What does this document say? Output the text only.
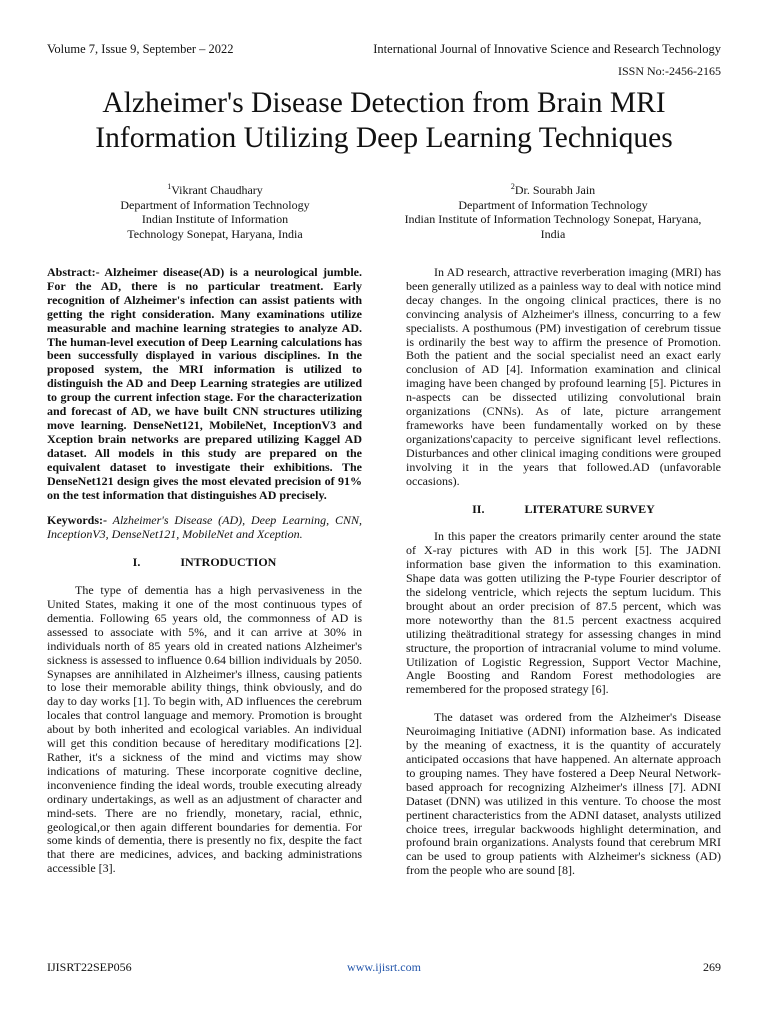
Volume 7, Issue 9, September – 2022	International Journal of Innovative Science and Research Technology
ISSN No:-2456-2165
Alzheimer's Disease Detection from Brain MRI Information Utilizing Deep Learning Techniques
$^1$Vikrant Chaudhary
Department of Information Technology
Indian Institute of Information
Technology Sonepat, Haryana, India
$^2$Dr. Sourabh Jain
Department of Information Technology
Indian Institute of Information Technology Sonepat, Haryana,
India

Abstract:- Alzheimer disease(AD) is a neurological jumble. For the AD, there is no particular treatment. Early recognition of Alzheimer's infection can assist patients with getting the right consideration. Many examinations utilize measurable and machine learning strategies to analyze AD. The human-level execution of Deep Learning calculations has been successfully displayed in various disciplines. In the proposed system, the MRI information is utilized to distinguish the AD and Deep Learning strategies are utilized to group the current infection stage. For the characterization and forecast of AD, we have built CNN structures utilizing move learning. DenseNet121, MobileNet, InceptionV3 and Xception brain networks are prepared utilizing Kaggel AD dataset. All models in this study are prepared on the equivalent dataset to investigate their exhibitions. The DenseNet121 design gives the most elevated precision of 91% on the test information that distinguishes AD precisely.

Keywords:- Alzheimer's Disease (AD), Deep Learning, CNN, InceptionV3, DenseNet121, MobileNet and Xception.

I.	INTRODUCTION

The type of dementia has a high pervasiveness in the United States, making it one of the most continuous types of dementia. Following 65 years old, the commonness of AD is assessed to associate with 5%, and it can arrive at 30% in individuals north of 85 years old in created nations Alzheimer's sickness is assessed to influence 0.64 billion individuals by 2050. Synapses are annihilated in Alzheimer's illness, causing patients to lose their memorable ability things, think obviously, and do day to day works [1]. To begin with, AD influences the cerebrum locales that control language and memory. Promotion is brought about by both inherited and ecological variables. An individual will get this condition because of hereditary modifications [2]. Rather, it's a sickness of the mind and victims may show indications of maturing. These incorporate cognitive decline, inconvenience finding the ideal words, trouble executing already ordinary undertakings, as well as an adjustment of character and mind-sets. There are no friendly, monetary, racial, ethnic, geological,or then again different boundaries for dementia. For some kinds of dementia, there is presently no fix, despite the fact that there are medicines, advices, and backing administrations accessible [3].

In AD research, attractive reverberation imaging (MRI) has been generally utilized as a painless way to deal with notice mind decay changes. In the ongoing clinical practices, there is no convincing analysis of Alzheimer's illness, concurring to a few specialists. A posthumous (PM) investigation of cerebrum tissue is ordinarily the best way to affirm the presence of Promotion. Both the patient and the social specialist need an exact early conclusion of AD [4]. Information examination and clinical imaging have been changed by profound learning [5]. Pictures in n-aspects can be dissected utilizing convolutional brain organizations (CNNs). As of late, picture arrangement frameworks have been fundamentally worked on by these organizations'capacity to perceive significant level reflections. Disturbances and other clinical imaging conditions were grouped involving it in the years that followed.AD (unfavorable occasions).

II.	LITERATURE SURVEY

In this paper the creators primarily center around the state of X-ray pictures with AD in this work [5]. The JADNI information base given the information to this examination. Shape data was gotten utilizing the P-type Fourier descriptor of the sidelong ventricle, which rejects the septum lucidum. This brought about an order precision of 87.5 percent, which was more noteworthy than the 81.5 percent exactness acquired utilizing theätraditional strategy for assessing changes in mind structure, the proportion of intracranial volume to mind volume. Utilization of Logistic Regression, Support Vector Machine, Angle Boosting and Random Forest methodologies are remembered for the proposed strategy [6].

The dataset was ordered from the Alzheimer's Disease Neuroimaging Initiative (ADNI) information base. As indicated by the meaning of exactness, it is the quantity of accurately anticipated occasions that have happened. An alternate approach to grouping names. They have fostered a Deep Neural Network-based approach for recognizing Alzheimer's illness [7]. ADNI Dataset (DNN) was utilized in this venture. To choose the most pertinent characteristics from the ADNI dataset, analysts utilized choice trees, irregular backwoods highlight determination, and profound brain organizations. Analysts found that cerebrum MRI can be used to group patients with Alzheimer's sickness (AD) from the people who are sound [8].

IJISRT22SEP056	www.ijisrt.com	269
